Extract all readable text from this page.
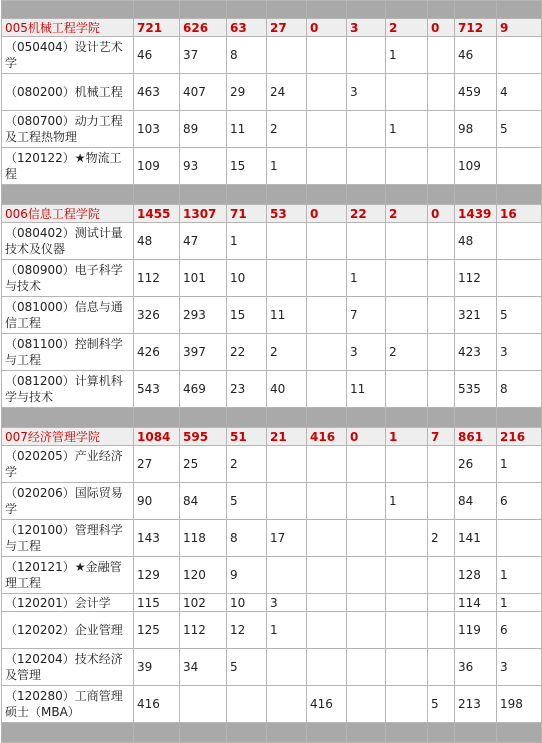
005机械工程学院	721	626	63	27	0	3	2	0	712	9
（050404）设计艺术学	46	37	8				1		46	
（080200）机械工程	463	407	29	24		3			459	4
（080700）动力工程及工程热物理	103	89	11	2			1		98	5
（120122）★物流工程	109	93	15	1					109	

006信息工程学院	1455	1307	71	53	0	22	2	0	1439	16
（080402）测试计量技术及仪器	48	47	1						48	
（080900）电子科学与技术	112	101	10			1			112	
（081000）信息与通信工程	326	293	15	11		7			321	5
（081100）控制科学与工程	426	397	22	2		3	2		423	3
（081200）计算机科学与技术	543	469	23	40		11			535	8

007经济管理学院	1084	595	51	21	416	0	1	7	861	216
（020205）产业经济学	27	25	2						26	1
（020206）国际贸易学	90	84	5				1		84	6
（120100）管理科学与工程	143	118	8	17				2	141	
（120121）★金融管理工程	129	120	9						128	1
（120201）会计学	115	102	10	3					114	1
（120202）企业管理	125	112	12	1					119	6
（120204）技术经济及管理	39	34	5						36	3
（120280）工商管理硕士（MBA）	416				416			5	213	198
